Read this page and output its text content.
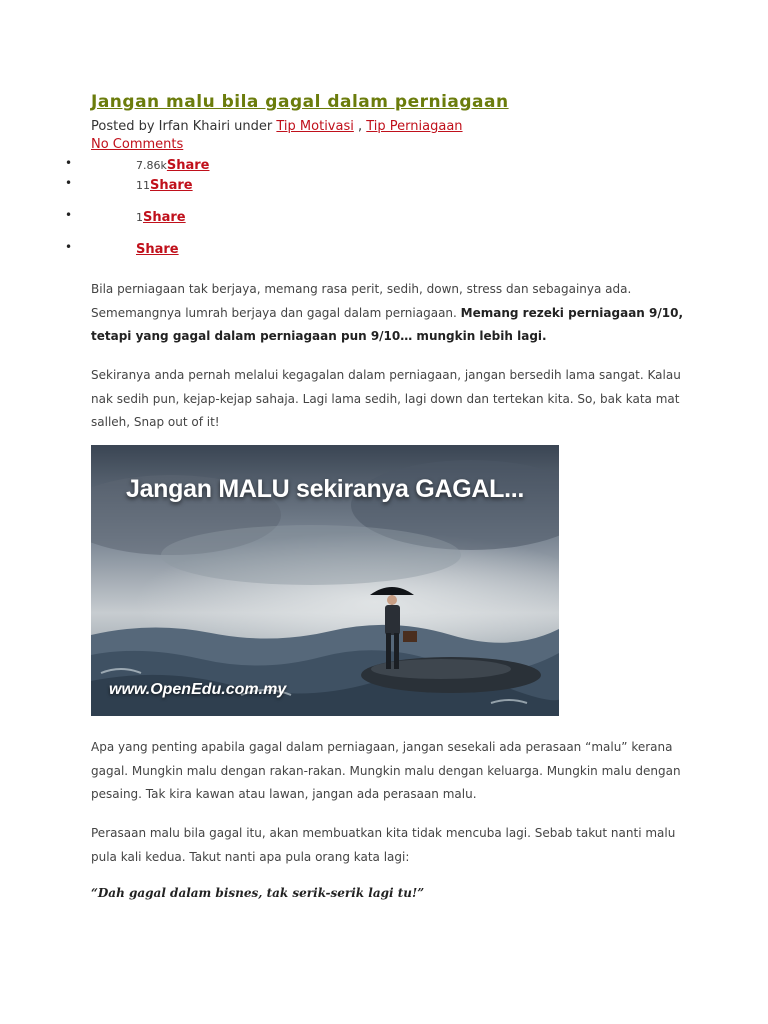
Jangan malu bila gagal dalam perniagaan
Posted by Irfan Khairi under Tip Motivasi , Tip Perniagaan
No Comments
•	7.86kShare
•	11Share
•	1Share
•	Share

Bila perniagaan tak berjaya, memang rasa perit, sedih, down, stress dan sebagainya ada. Sememangnya lumrah berjaya dan gagal dalam perniagaan. Memang rezeki perniagaan 9/10, tetapi yang gagal dalam perniagaan pun 9/10… mungkin lebih lagi.

Sekiranya anda pernah melalui kegagalan dalam perniagaan, jangan bersedih lama sangat. Kalau nak sedih pun, kejap-kejap sahaja. Lagi lama sedih, lagi down dan tertekan kita. So, bak kata mat salleh, Snap out of it!

Jangan MALU sekiranya GAGAL...
www.OpenEdu.com.my

Apa yang penting apabila gagal dalam perniagaan, jangan sesekali ada perasaan “malu” kerana gagal. Mungkin malu dengan rakan-rakan. Mungkin malu dengan keluarga. Mungkin malu dengan pesaing. Tak kira kawan atau lawan, jangan ada perasaan malu.

Perasaan malu bila gagal itu, akan membuatkan kita tidak mencuba lagi. Sebab takut nanti malu pula kali kedua. Takut nanti apa pula orang kata lagi:

“Dah gagal dalam bisnes, tak serik-serik lagi tu!”
